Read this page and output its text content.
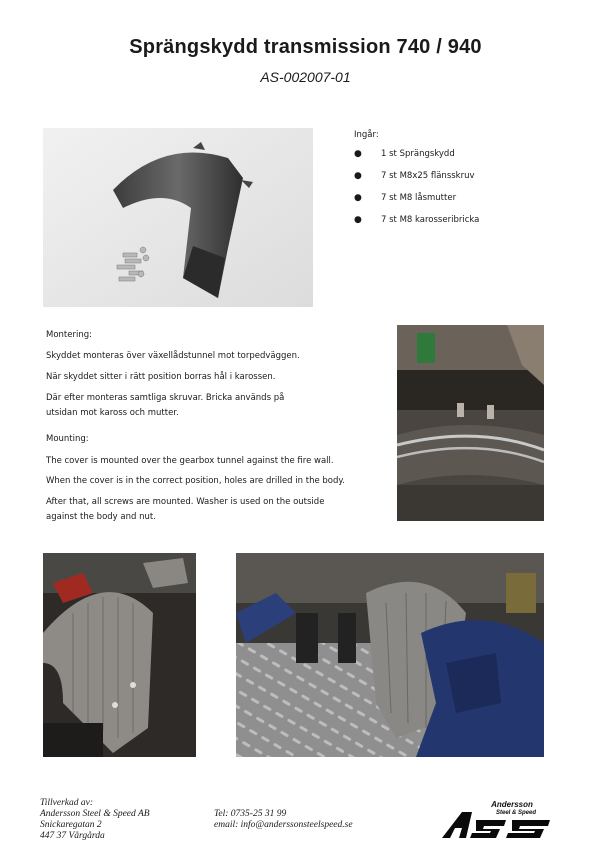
Sprängskydd transmission 740 / 940
AS-002007-01
Ingår:
● 1 st Sprängskydd
● 7 st M8x25 flänsskruv
● 7 st M8 låsmutter
● 7 st M8 karosseribricka
Montering:
Skyddet monteras över växellådstunnel mot torpedväggen.
När skyddet sitter i rätt position borras hål i karossen.
Där efter monteras samtliga skruvar. Bricka används på
utsidan mot kaross och mutter.
Mounting:
The cover is mounted over the gearbox tunnel against the fire wall.
When the cover is in the correct position, holes are drilled in the body.
After that, all screws are mounted. Washer is used on the outside
against the body and nut.
Tillverkad av:
Andersson Steel & Speed AB
Snickaregatan 2
447 37 Vårgårda
Tel: 0735-25 31 99
email: info@anderssonsteelspeed.se
Andersson
Steel & Speed
